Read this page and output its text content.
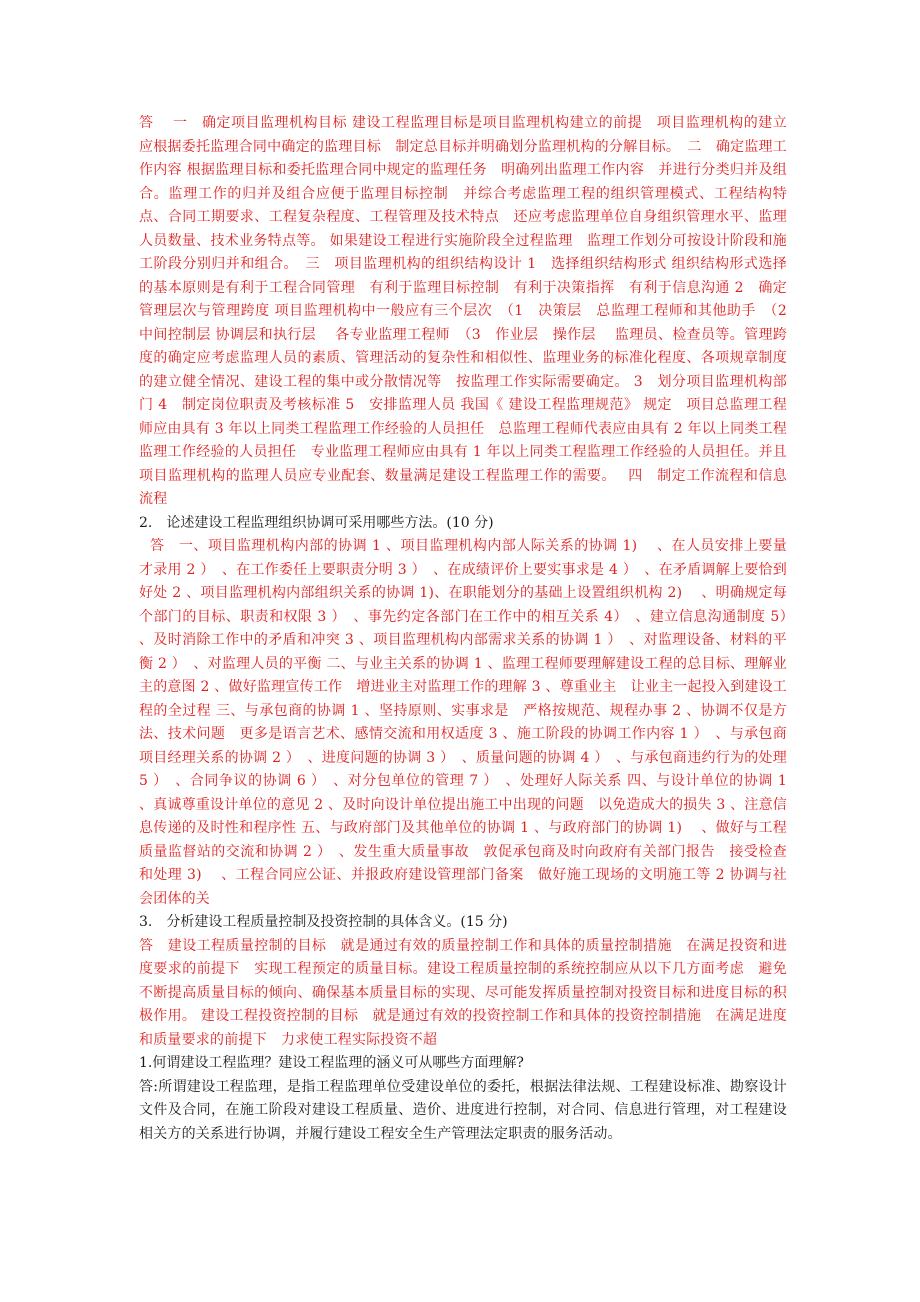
答　 一　确定项目监理机构目标 建设工程监理目标是项目监理机构建立的前提　项目监理机构的建立应根据委托监理合同中确定的监理目标　制定总目标并明确划分监理机构的分解目标。　二　确定监理工作内容 根据监理目标和委托监理合同中规定的监理任务　明确列出监理工作内容　并进行分类归并及组合。监理工作的归并及组合应便于监理目标控制　并综合考虑监理工程的组织管理模式、工程结构特点、合同工期要求、工程复杂程度、工程管理及技术特点　还应考虑监理单位自身组织管理水平、监理人员数量、技术业务特点等。 如果建设工程进行实施阶段全过程监理　监理工作划分可按设计阶段和施工阶段分别归并和组合。　三　项目监理机构的组织结构设计 1　选择组织结构形式 组织结构形式选择的基本原则是有利于工程合同管理　有利于监理目标控制　有利于决策指挥　有利于信息沟通 2　确定管理层次与管理跨度 项目监理机构中一般应有三个层次　（1　决策层　总监理工程师和其他助手　（2　中间控制层 协调层和执行层　 各专业监理工程师　（3　作业层　操作层　 监理员、检查员等。管理跨度的确定应考虑监理人员的素质、管理活动的复杂性和相似性、监理业务的标准化程度、各项规章制度的建立健全情况、建设工程的集中或分散情况等　按监理工作实际需要确定。 3　划分项目监理机构部门 4　制定岗位职责及考核标准 5　安排监理人员 我国《 建设工程监理规范》 规定　项目总监理工程师应由具有 3 年以上同类工程监理工作经验的人员担任　总监理工程师代表应由具有 2 年以上同类工程监理工作经验的人员担任　专业监理工程师应由具有 1 年以上同类工程监理工作经验的人员担任。并且项目监理机构的监理人员应专业配套、数量满足建设工程监理工作的需要。　 四　制定工作流程和信息流程

2.　论述建设工程监理组织协调可采用哪些方法。(10 分)

答　一、项目监理机构内部的协调 1 、项目监理机构内部人际关系的协调 1)　 、在人员安排上要量才录用 2 ）　、在工作委任上要职责分明 3 ）　、在成绩评价上要实事求是 4 ）　、在矛盾调解上要恰到好处 2 、项目监理机构内部组织关系的协调 1)、在职能划分的基础上设置组织机构 2)　 、明确规定每个部门的目标、职责和权限 3 ）　、事先约定各部门在工作中的相互关系 4）　、建立信息沟通制度 5）　、及时消除工作中的矛盾和冲突 3 、项目监理机构内部需求关系的协调 1 ）　、对监理设备、材料的平衡 2 ）　、对监理人员的平衡 二、与业主关系的协调 1 、监理工程师要理解建设工程的总目标、理解业主的意图 2 、做好监理宣传工作　增进业主对监理工作的理解 3 、尊重业主　让业主一起投入到建设工程的全过程 三、与承包商的协调 1 、坚持原则、实事求是　严格按规范、规程办事 2 、协调不仅是方法、技术问题　更多是语言艺术、感情交流和用权适度 3 、施工阶段的协调工作内容 1 ）　、与承包商项目经理关系的协调 2 ）　、进度问题的协调 3 ）　、质量问题的协调 4 ）　、与承包商违约行为的处理 5 ）　、合同争议的协调 6 ）　、对分包单位的管理 7 ）　、处理好人际关系 四、与设计单位的协调 1 、真诚尊重设计单位的意见 2 、及时向设计单位提出施工中出现的问题　以免造成大的损失 3 、注意信息传递的及时性和程序性 五、与政府部门及其他单位的协调 1 、与政府部门的协调 1)　 、做好与工程质量监督站的交流和协调 2 ）　、发生重大质量事故　敦促承包商及时向政府有关部门报告　接受检查和处理 3)　 、工程合同应公证、并报政府建设管理部门备案　做好施工现场的文明施工等 2 协调与社会团体的关

3.　分析建设工程质量控制及投资控制的具体含义。(15 分)

答　建设工程质量控制的目标　就是通过有效的质量控制工作和具体的质量控制措施　在满足投资和进度要求的前提下　实现工程预定的质量目标。建设工程质量控制的系统控制应从以下几方面考虑　避免不断提高质量目标的倾向、确保基本质量目标的实现、尽可能发挥质量控制对投资目标和进度目标的积极作用。 建设工程投资控制的目标　就是通过有效的投资控制工作和具体的投资控制措施　在满足进度和质量要求的前提下　力求使工程实际投资不超

1.何谓建设工程监理？建设工程监理的涵义可从哪些方面理解?

答:所谓建设工程监理，是指工程监理单位受建设单位的委托，根据法律法规、工程建设标准、勘察设计文件及合同，在施工阶段对建设工程质量、造价、进度进行控制，对合同、信息进行管理，对工程建设相关方的关系进行协调，并履行建设工程安全生产管理法定职责的服务活动。
